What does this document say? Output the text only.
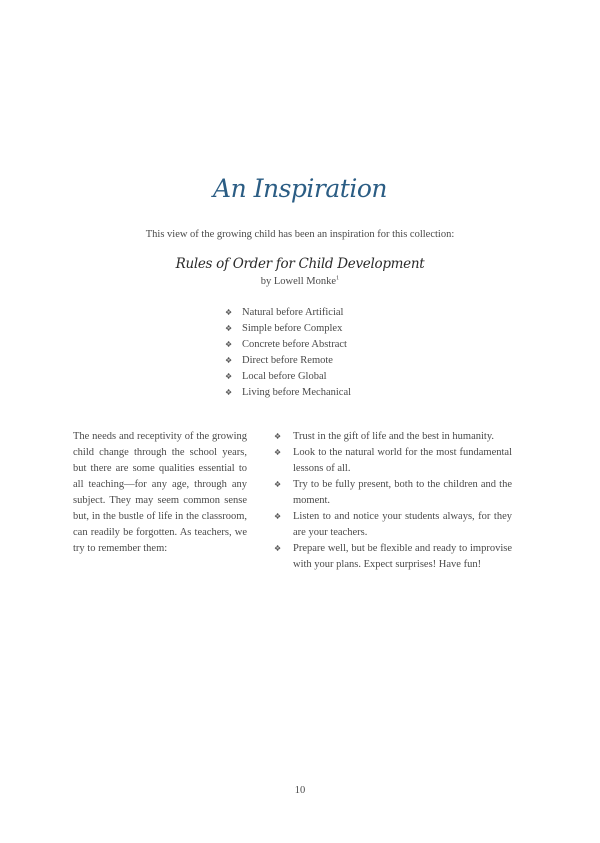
An Inspiration
This view of the growing child has been an inspiration for this collection:
Rules of Order for Child Development
by Lowell Monke$^1$
❖ Natural before Artificial
❖ Simple before Complex
❖ Concrete before Abstract
❖ Direct before Remote
❖ Local before Global
❖ Living before Mechanical
The needs and receptivity of the growing child change through the school years, but there are some qualities essential to all teaching—for any age, through any subject. They may seem common sense but, in the bustle of life in the classroom, can readily be forgotten. As teachers, we try to remember them:
❖	Trust in the gift of life and the best in humanity.
❖	Look to the natural world for the most fundamental lessons of all.
❖	Try to be fully present, both to the children and the moment.
❖	Listen to and notice your students always, for they are your teachers.
❖	Prepare well, but be flexible and ready to improvise with your plans. Expect surprises! Have fun!
10
